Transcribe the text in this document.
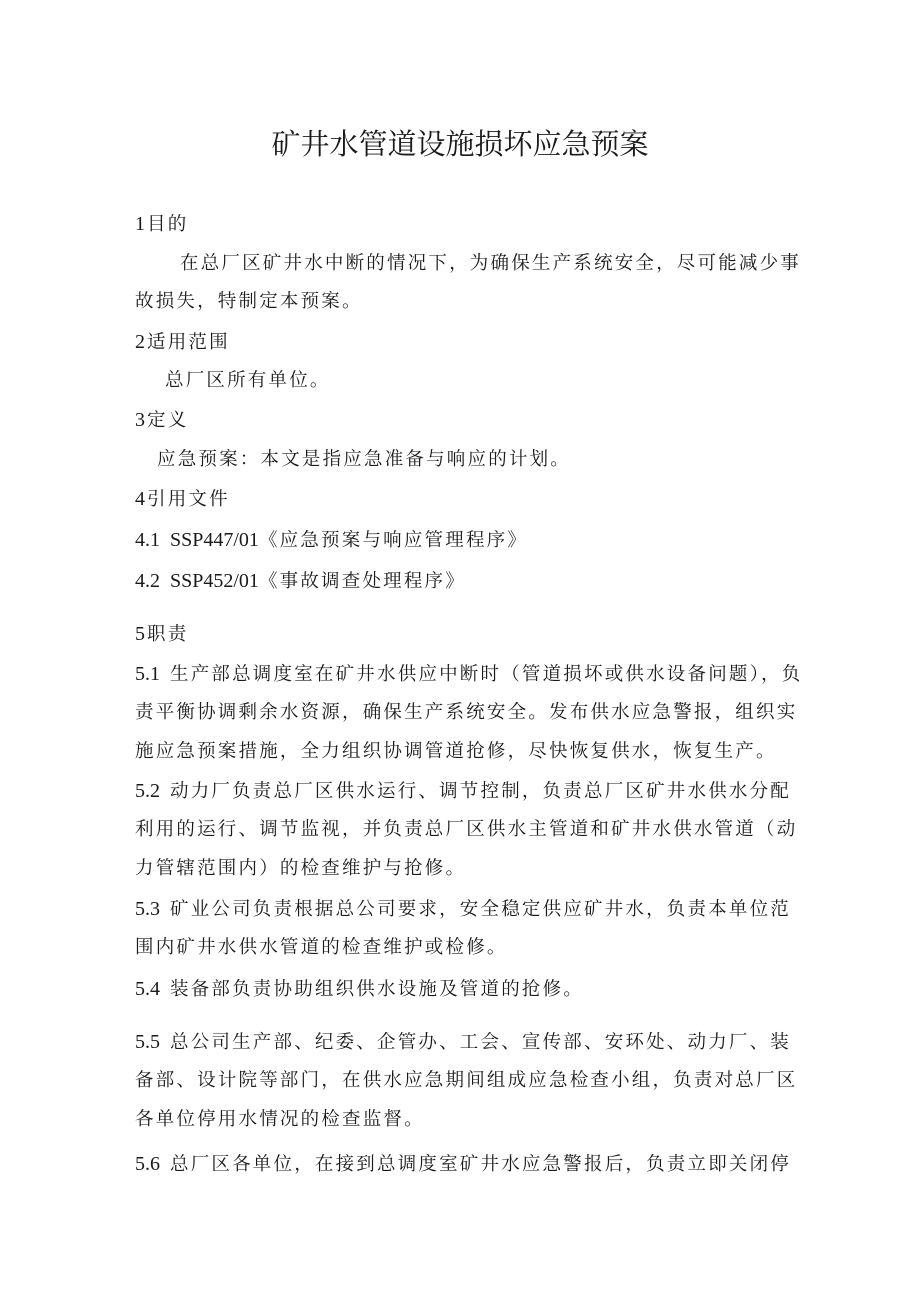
矿井水管道设施损坏应急预案
1 目的
在总厂区矿井水中断的情况下，为确保生产系统安全，尽可能减少事
故损失，特制定本预案。
2 适用范围
总厂区所有单位。
3 定义
应急预案：本文是指应急准备与响应的计划。
4 引用文件
4.1 SSP447/01《应急预案与响应管理程序》
4.2 SSP452/01《事故调查处理程序》
5 职责
5.1 生产部总调度室在矿井水供应中断时（管道损坏或供水设备问题），负
责平衡协调剩余水资源，确保生产系统安全。发布供水应急警报，组织实
施应急预案措施，全力组织协调管道抢修，尽快恢复供水，恢复生产。
5.2 动力厂负责总厂区供水运行、调节控制，负责总厂区矿井水供水分配
利用的运行、调节监视，并负责总厂区供水主管道和矿井水供水管道（动
力管辖范围内）的检查维护与抢修。
5.3 矿业公司负责根据总公司要求，安全稳定供应矿井水，负责本单位范
围内矿井水供水管道的检查维护或检修。
5.4 装备部负责协助组织供水设施及管道的抢修。
5.5 总公司生产部、纪委、企管办、工会、宣传部、安环处、动力厂、装
备部、设计院等部门，在供水应急期间组成应急检查小组，负责对总厂区
各单位停用水情况的检查监督。
5.6 总厂区各单位，在接到总调度室矿井水应急警报后，负责立即关闭停
